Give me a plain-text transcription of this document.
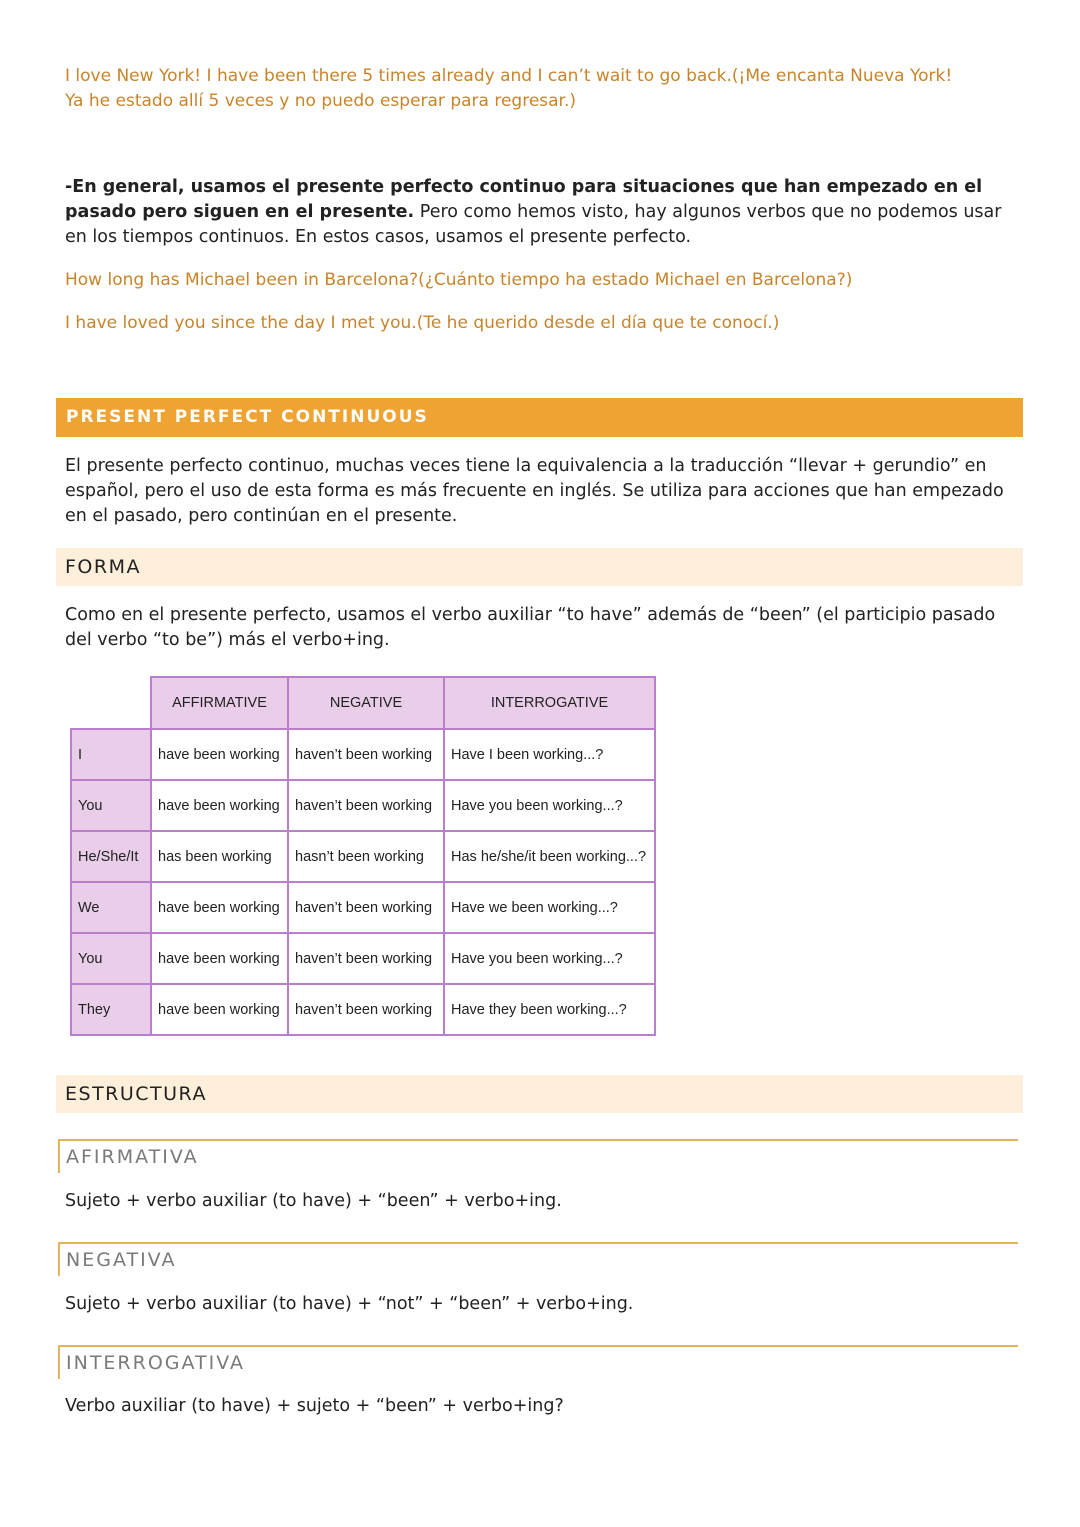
I love New York! I have been there 5 times already and I can’t wait to go back.(¡Me encanta Nueva York!
Ya he estado allí 5 veces y no puedo esperar para regresar.)
-En general, usamos el presente perfecto continuo para situaciones que han empezado en el pasado pero siguen en el presente. Pero como hemos visto, hay algunos verbos que no podemos usar en los tiempos continuos. En estos casos, usamos el presente perfecto.
How long has Michael been in Barcelona?(¿Cuánto tiempo ha estado Michael en Barcelona?)
I have loved you since the day I met you.(Te he querido desde el día que te conocí.)
PRESENT PERFECT CONTINUOUS
El presente perfecto continuo, muchas veces tiene la equivalencia a la traducción “llevar + gerundio” en español, pero el uso de esta forma es más frecuente en inglés. Se utiliza para acciones que han empezado en el pasado, pero continúan en el presente.
FORMA
Como en el presente perfecto, usamos el verbo auxiliar “to have” además de “been” (el participio pasado del verbo “to be”) más el verbo+ing.
	AFFIRMATIVE	NEGATIVE	INTERROGATIVE
I	have been working	haven’t been working	Have I been working...?
You	have been working	haven’t been working	Have you been working...?
He/She/It	has been working	hasn’t been working	Has he/she/it been working...?
We	have been working	haven’t been working	Have we been working...?
You	have been working	haven’t been working	Have you been working...?
They	have been working	haven’t been working	Have they been working...?
ESTRUCTURA
AFIRMATIVA
Sujeto + verbo auxiliar (to have) + “been” + verbo+ing.
NEGATIVA
Sujeto + verbo auxiliar (to have) + “not” + “been” + verbo+ing.
INTERROGATIVA
Verbo auxiliar (to have) + sujeto + “been” + verbo+ing?
